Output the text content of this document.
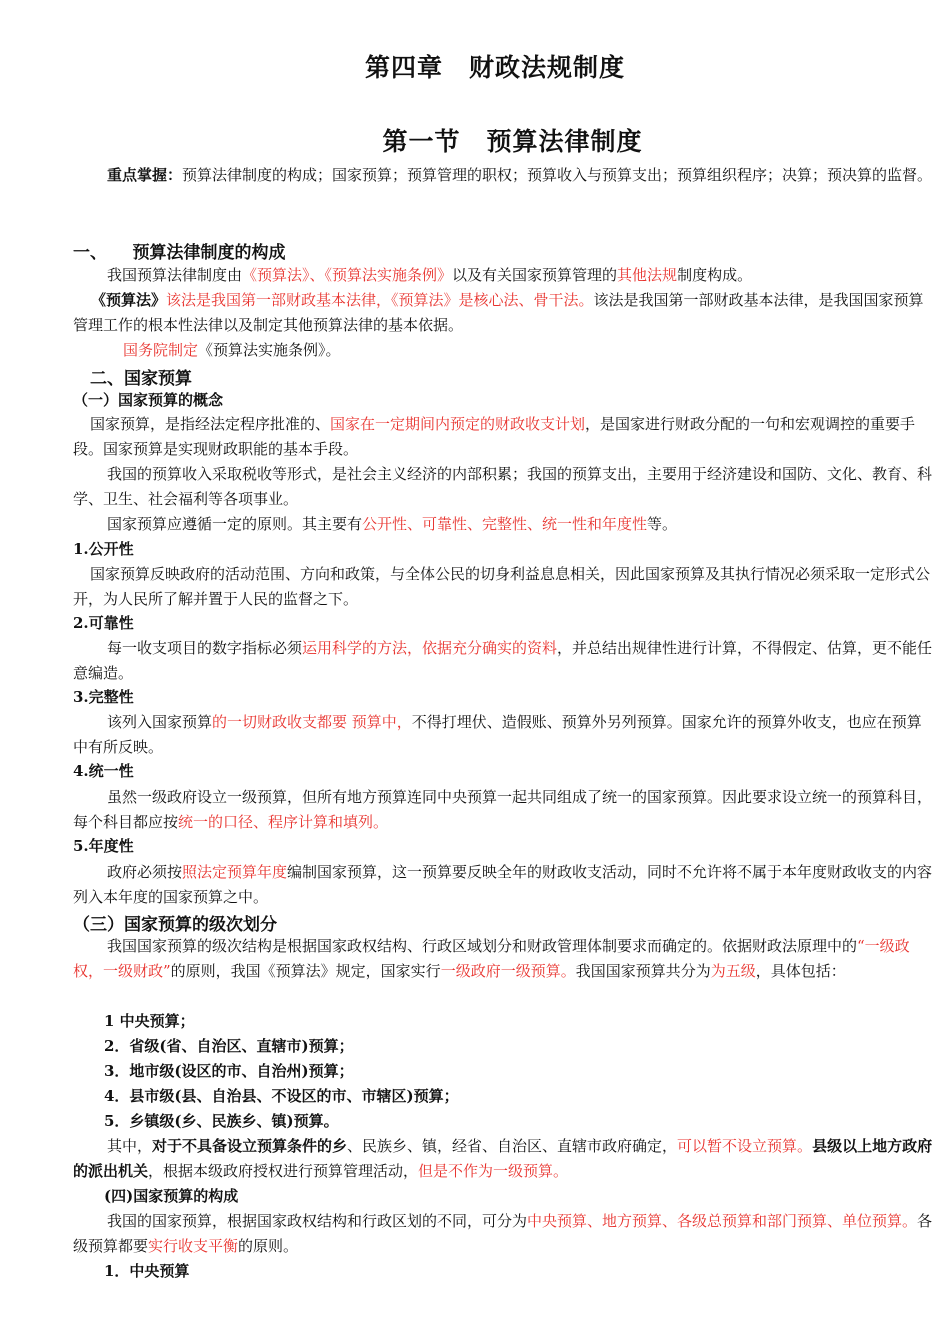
第四章　财政法规制度
第一节　预算法律制度

重点掌握：预算法律制度的构成；国家预算；预算管理的职权；预算收入与预算支出；预算组织程序；决算；预决算的监督。

一、　　预算法律制度的构成

我国预算法律制度由《预算法》、《预算法实施条例》以及有关国家预算管理的其他法规制度构成。

《预算法》该法是我国第一部财政基本法律，《预算法》是核心法、骨干法。该法是我国第一部财政基本法律，是我国国家预算管理工作的根本性法律以及制定其他预算法律的基本依据。

国务院制定《预算法实施条例》。

二、国家预算

（一）国家预算的概念

国家预算，是指经法定程序批准的、国家在一定期间内预定的财政收支计划，是国家进行财政分配的一句和宏观调控的重要手段。国家预算是实现财政职能的基本手段。

我国的预算收入采取税收等形式，是社会主义经济的内部积累；我国的预算支出，主要用于经济建设和国防、文化、教育、科学、卫生、社会福利等各项事业。

国家预算应遵循一定的原则。其主要有公开性、可靠性、完整性、统一性和年度性等。

1.公开性

国家预算反映政府的活动范围、方向和政策，与全体公民的切身利益息息相关，因此国家预算及其执行情况必须采取一定形式公开，为人民所了解并置于人民的监督之下。

2.可靠性

每一收支项目的数字指标必须运用科学的方法，依据充分确实的资料，并总结出规律性进行计算，不得假定、估算，更不能任意编造。

3.完整性

该列入国家预算的一切财政收支都要 预算中，不得打埋伏、造假账、预算外另列预算。国家允许的预算外收支，也应在预算中有所反映。

4.统一性

虽然一级政府设立一级预算，但所有地方预算连同中央预算一起共同组成了统一的国家预算。因此要求设立统一的预算科目，每个科目都应按统一的口径、程序计算和填列。

5.年度性

政府必须按照法定预算年度编制国家预算，这一预算要反映全年的财政收支活动，同时不允许将不属于本年度财政收支的内容列入本年度的国家预算之中。

（三）国家预算的级次划分

我国国家预算的级次结构是根据国家政权结构、行政区域划分和财政管理体制要求而确定的。依据财政法原理中的“一级政权，一级财政”的原则，我国《预算法》规定，国家实行一级政府一级预算。我国国家预算共分为为五级，具体包括：

1 中央预算；

2．省级(省、自治区、直辖市)预算；

3．地市级(设区的市、自治州)预算；

4．县市级(县、自治县、不设区的市、市辖区)预算；

5．乡镇级(乡、民族乡、镇)预算。

其中，对于不具备设立预算条件的乡、民族乡、镇，经省、自治区、直辖市政府确定，可以暂不设立预算。县级以上地方政府的派出机关，根据本级政府授权进行预算管理活动，但是不作为一级预算。

(四)国家预算的构成

我国的国家预算，根据国家政权结构和行政区划的不同，可分为中央预算、地方预算、各级总预算和部门预算、单位预算。各级预算都要实行收支平衡的原则。

1．中央预算
